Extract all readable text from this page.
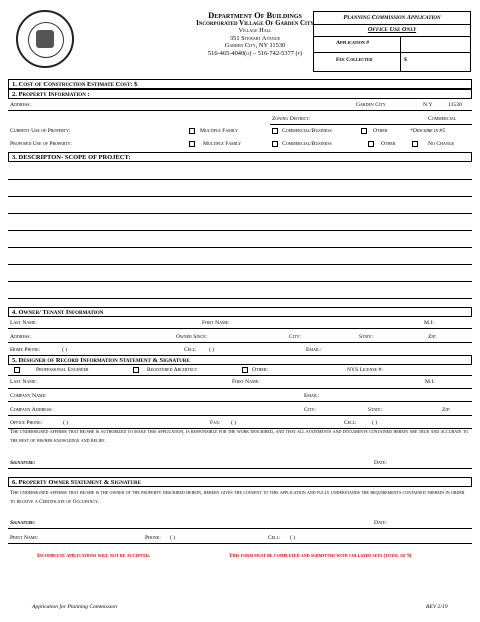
Department Of Buildings
Incorporated Village Of Garden City
Village Hall
351 Stewart Avenue
Garden City, NY 11530
516-465-4040(o) – 516-742-5377 (f)
Planning Commission Application
Office Use Only
Application #
Fee Collected	$
1. Cost of Construction Estimate Cost: $
2. Property Information :
Address:	Garden City	N.Y	11530
Zoning District:	Commercial
Current Use of Property:	Multiple Family	Commercial/Business	Other	*Describe in #5
Proposed Use of Property:	Multiple Family	Commercial/Business	Other	No Change
3. DESCRIPTON- SCOPE OF PROJECT:
4. Owner/ Tenant Information
Last Name:	First Name:	M.I:
Address:	Owner Since:	City:	State:	Zip:
Home Phone:	( )	Cell: ( )	Email:
5. Designer of Record Information Statement & Signature
Professional Engineer	Registered Architect	Other:	NYS License #:
Last Name:	First Name:	M.I:
Company Name:	Email:
Company Address:	City:	State:	Zip:
Office Phone:	( )	Fax: ( )	Cell:	( )
The undersigned affirms that he/she is authorized to make this application, is responsible for the work described, and that all statements and documents contained herein are true and accurate to the best of his/her knowledge and belief.
Signature:	Date:
6. Property Owner Statement & Signature
The undersigned affirms that he/she is the owner of the property described herein, hereby gives the consent to this application and fully understands the requirements contained therein in order to receive a Certificate of Occupancy.
Signature:	Date:
Print Name:	Phone: ( )	Cell: ( )
Incomplete applications will not be accepted.	This form must be completed and submitted with collated sets (total of 9)
Application for Planning Commission	REV 2/19
